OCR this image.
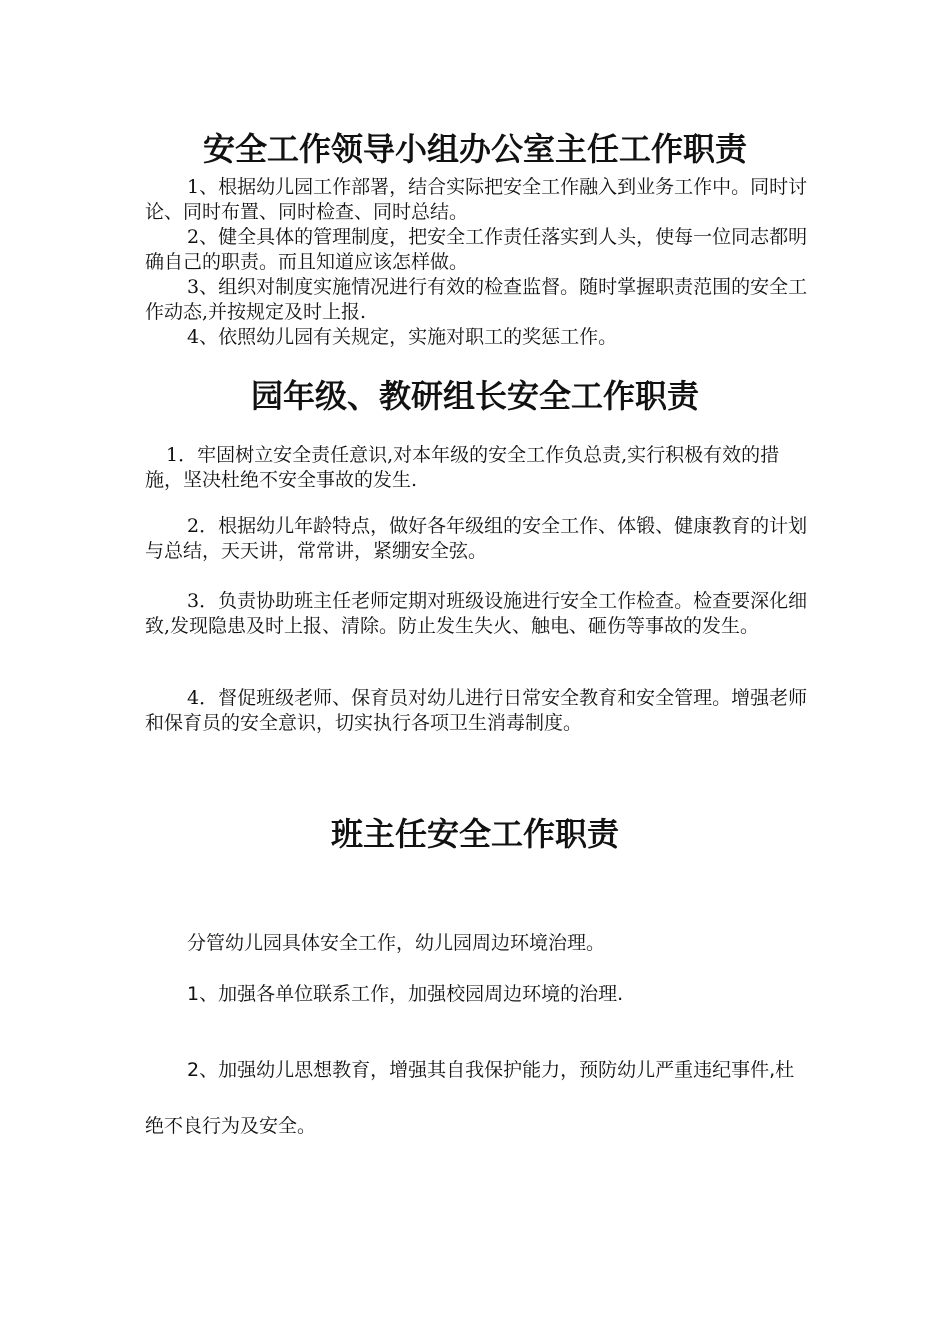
安全工作领导小组办公室主任工作职责

1、根据幼儿园工作部署，结合实际把安全工作融入到业务工作中。同时讨论、同时布置、同时检查、同时总结。

2、健全具体的管理制度，把安全工作责任落实到人头，使每一位同志都明确自己的职责。而且知道应该怎样做。

3、组织对制度实施情况进行有效的检查监督。随时掌握职责范围的安全工作动态,并按规定及时上报.

4、依照幼儿园有关规定，实施对职工的奖惩工作。

园年级、教研组长安全工作职责

1．牢固树立安全责任意识,对本年级的安全工作负总责,实行积极有效的措施，坚决杜绝不安全事故的发生.

2．根据幼儿年龄特点，做好各年级组的安全工作、体锻、健康教育的计划与总结，天天讲，常常讲，紧绷安全弦。

3．负责协助班主任老师定期对班级设施进行安全工作检查。检查要深化细致,发现隐患及时上报、清除。防止发生失火、触电、砸伤等事故的发生。

4．督促班级老师、保育员对幼儿进行日常安全教育和安全管理。增强老师和保育员的安全意识，切实执行各项卫生消毒制度。

班主任安全工作职责

分管幼儿园具体安全工作，幼儿园周边环境治理。

1、加强各单位联系工作，加强校园周边环境的治理.

2、加强幼儿思想教育，增强其自我保护能力，预防幼儿严重违纪事件,杜绝不良行为及安全。
